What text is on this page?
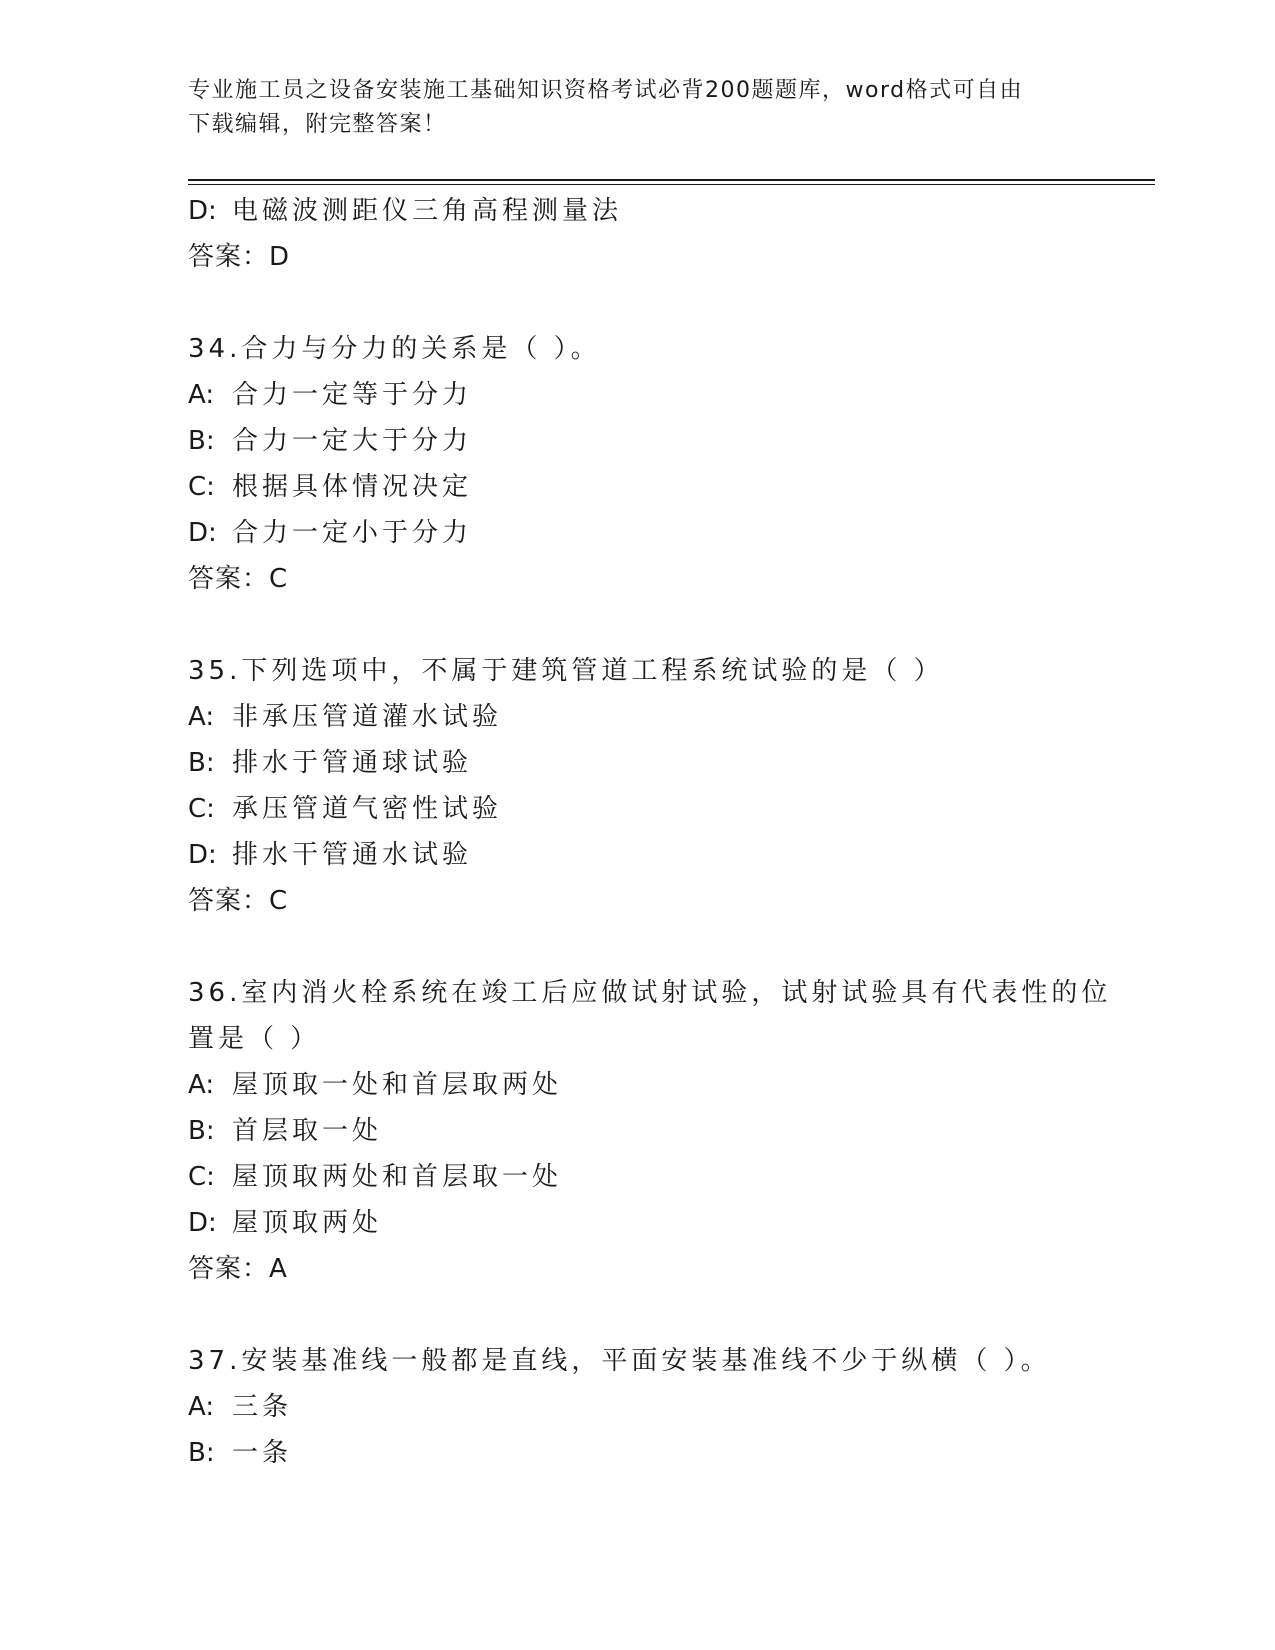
专业施工员之设备安装施工基础知识资格考试必背200题题库，word格式可自由
下载编辑，附完整答案！
D: 电磁波测距仪三角高程测量法
答案：D
34.合力与分力的关系是（ ）。
A: 合力一定等于分力
B: 合力一定大于分力
C: 根据具体情况决定
D: 合力一定小于分力
答案：C
35.下列选项中，不属于建筑管道工程系统试验的是（ ）
A: 非承压管道灌水试验
B: 排水于管通球试验
C: 承压管道气密性试验
D: 排水干管通水试验
答案：C
36.室内消火栓系统在竣工后应做试射试验，试射试验具有代表性的位
置是（ ）
A: 屋顶取一处和首层取两处
B: 首层取一处
C: 屋顶取两处和首层取一处
D: 屋顶取两处
答案：A
37.安装基准线一般都是直线，平面安装基准线不少于纵横（ ）。
A: 三条
B: 一条
